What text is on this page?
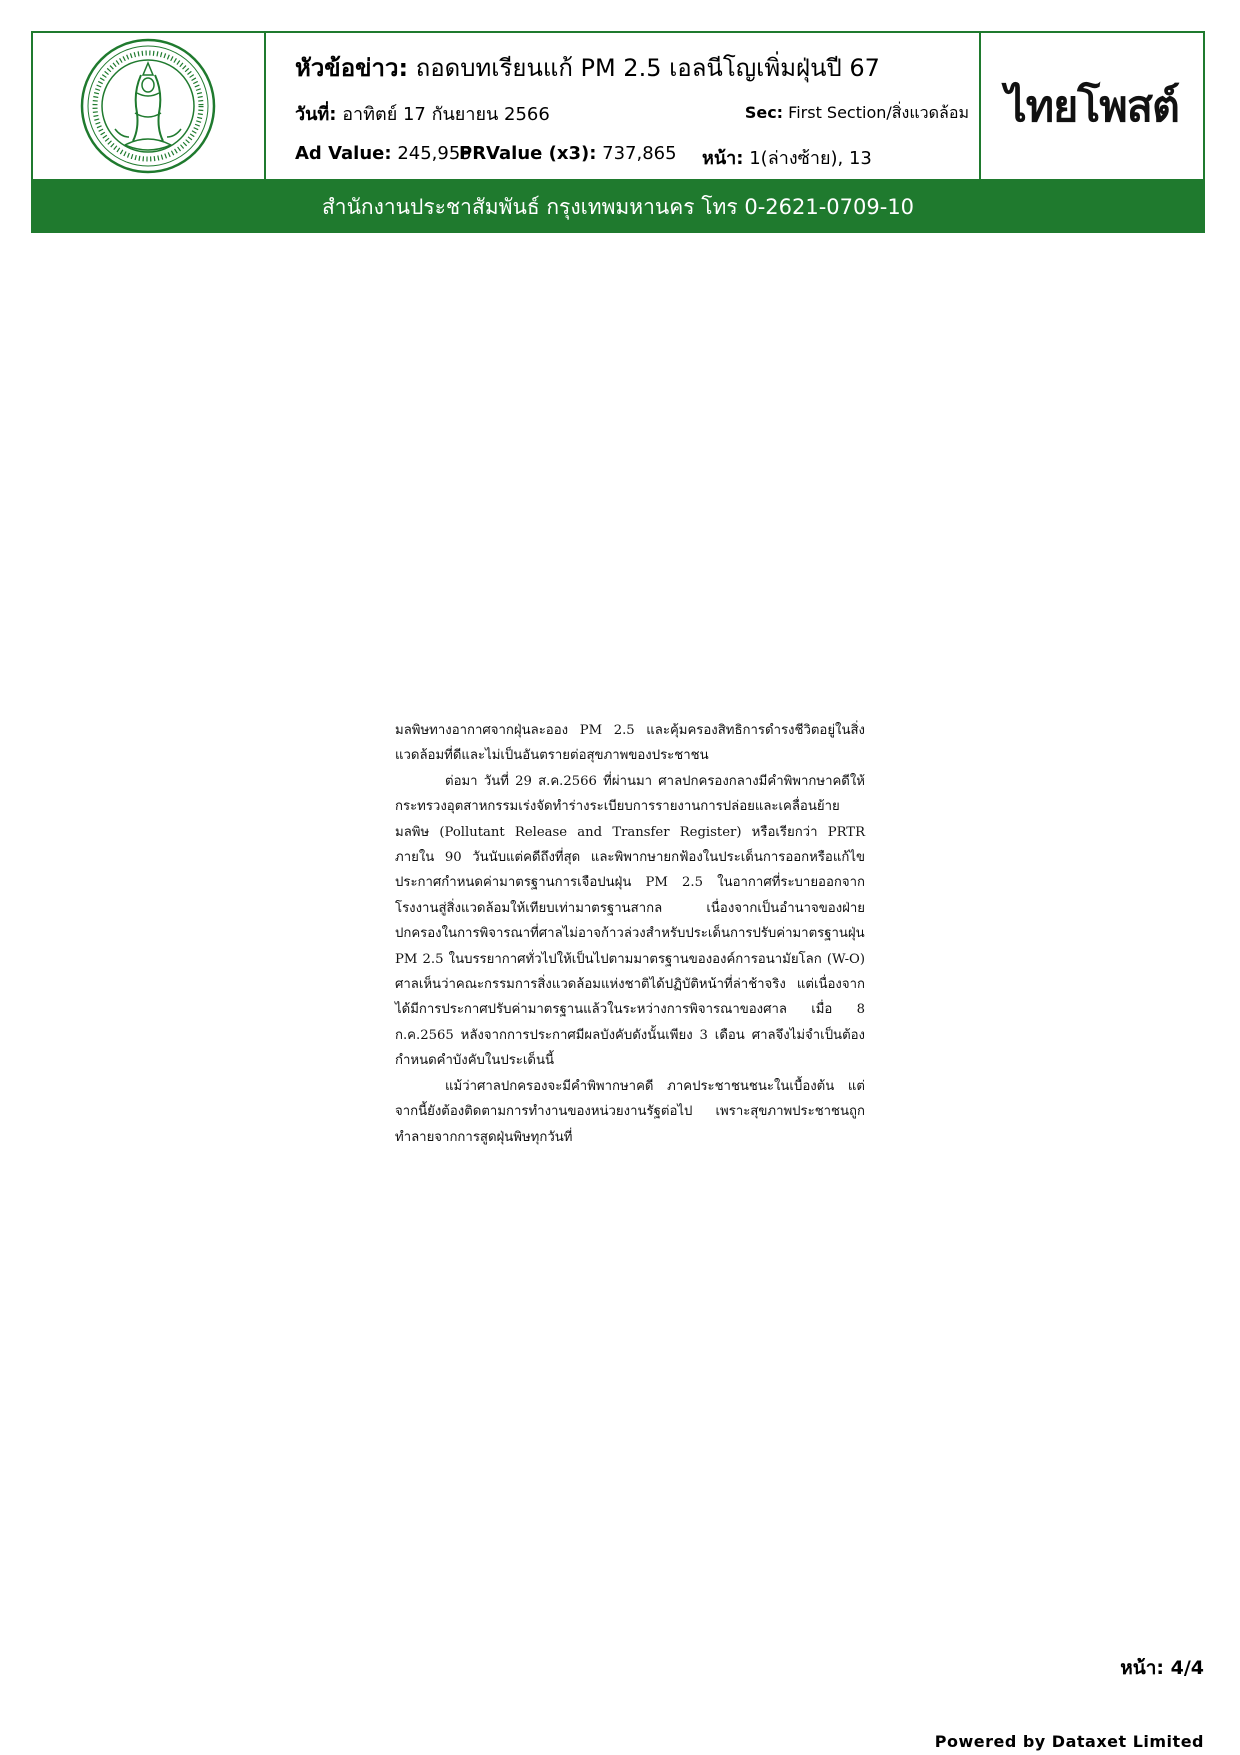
หัวข้อข่าว: ถอดบทเรียนแก้ PM 2.5 เอลนีโญเพิ่มฝุ่นปี 67
วันที่: อาทิตย์ 17 กันยายน 2566	Sec: First Section/สิ่งแวดล้อม
Ad Value: 245,955
PRValue (x3): 737,865 หน้า: 1(ล่างซ้าย), 13
ไทยโพสต์
สำนักงานประชาสัมพันธ์ กรุงเทพมหานคร โทร 0-2621-0709-10

มลพิษทางอากาศจากฝุ่นละออง PM 2.5 และคุ้มครองสิทธิการดำรงชีวิตอยู่ในสิ่งแวดล้อมที่ดีและไม่เป็นอันตรายต่อสุขภาพของประชาชน

ต่อมา วันที่ 29 ส.ค.2566 ที่ผ่านมา ศาลปกครองกลางมีคำพิพากษาคดีให้กระทรวงอุตสาหกรรมเร่งจัดทำร่างระเบียบการรายงานการปล่อยและเคลื่อนย้ายมลพิษ (Pollutant Release and Transfer Register) หรือเรียกว่า PRTR ภายใน 90 วันนับแต่คดีถึงที่สุด และพิพากษายกฟ้องในประเด็นการออกหรือแก้ไขประกาศกำหนดค่ามาตรฐานการเจือปนฝุ่น PM 2.5 ในอากาศที่ระบายออกจากโรงงานสู่สิ่งแวดล้อมให้เทียบเท่ามาตรฐานสากล เนื่องจากเป็นอำนาจของฝ่ายปกครองในการพิจารณาที่ศาลไม่อาจก้าวล่วงสำหรับประเด็นการปรับค่ามาตรฐานฝุ่น PM 2.5 ในบรรยากาศทั่วไปให้เป็นไปตามมาตรฐานขององค์การอนามัยโลก (W-O) ศาลเห็นว่าคณะกรรมการสิ่งแวดล้อมแห่งชาติได้ปฏิบัติหน้าที่ล่าช้าจริง แต่เนื่องจากได้มีการประกาศปรับค่ามาตรฐานแล้วในระหว่างการพิจารณาของศาล เมื่อ 8 ก.ค.2565 หลังจากการประกาศมีผลบังคับดังนั้นเพียง 3 เดือน ศาลจึงไม่จำเป็นต้องกำหนดคำบังคับในประเด็นนี้

แม้ว่าศาลปกครองจะมีคำพิพากษาคดี ภาคประชาชนชนะในเบื้องต้น แต่จากนี้ยังต้องติดตามการทำงานของหน่วยงานรัฐต่อไป เพราะสุขภาพประชาชนถูกทำลายจากการสูดฝุ่นพิษทุกวันที่

หน้า: 4/4
Powered by Dataxet Limited
